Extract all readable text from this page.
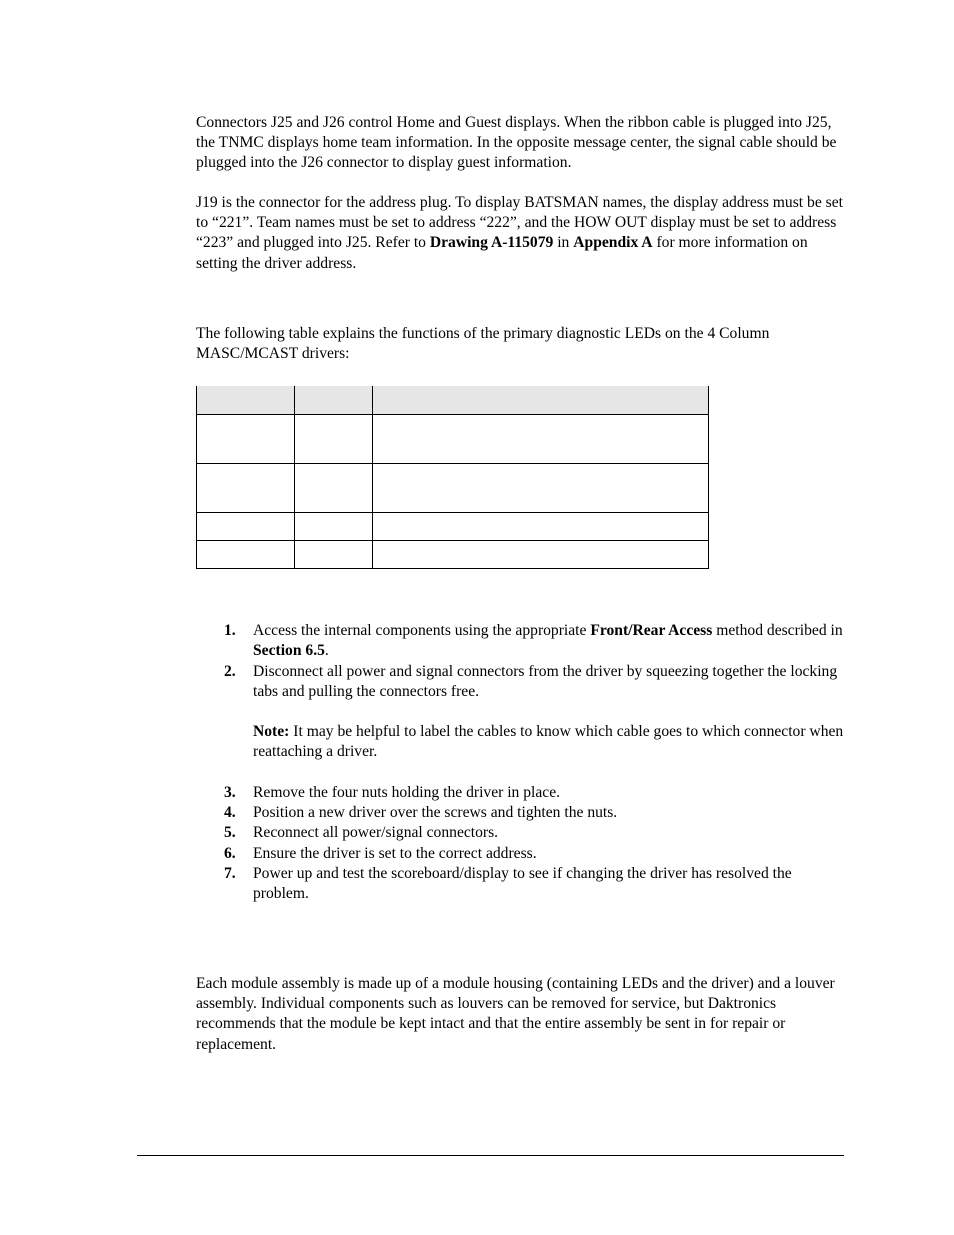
Connectors J25 and J26 control Home and Guest displays. When the ribbon cable is plugged into J25, the TNMC displays home team information. In the opposite message center, the signal cable should be plugged into the J26 connector to display guest information.

J19 is the connector for the address plug. To display BATSMAN names, the display address must be set to “221”. Team names must be set to address “222”, and the HOW OUT display must be set to address “223” and plugged into J25. Refer to Drawing A-115079 in Appendix A for more information on setting the driver address.

The following table explains the functions of the primary diagnostic LEDs on the 4 Column MASC/MCAST drivers:

1. Access the internal components using the appropriate Front/Rear Access method described in Section 6.5.
2. Disconnect all power and signal connectors from the driver by squeezing together the locking tabs and pulling the connectors free.
Note: It may be helpful to label the cables to know which cable goes to which connector when reattaching a driver.
3. Remove the four nuts holding the driver in place.
4. Position a new driver over the screws and tighten the nuts.
5. Reconnect all power/signal connectors.
6. Ensure the driver is set to the correct address.
7. Power up and test the scoreboard/display to see if changing the driver has resolved the problem.

Each module assembly is made up of a module housing (containing LEDs and the driver) and a louver assembly. Individual components such as louvers can be removed for service, but Daktronics recommends that the module be kept intact and that the entire assembly be sent in for repair or replacement.
